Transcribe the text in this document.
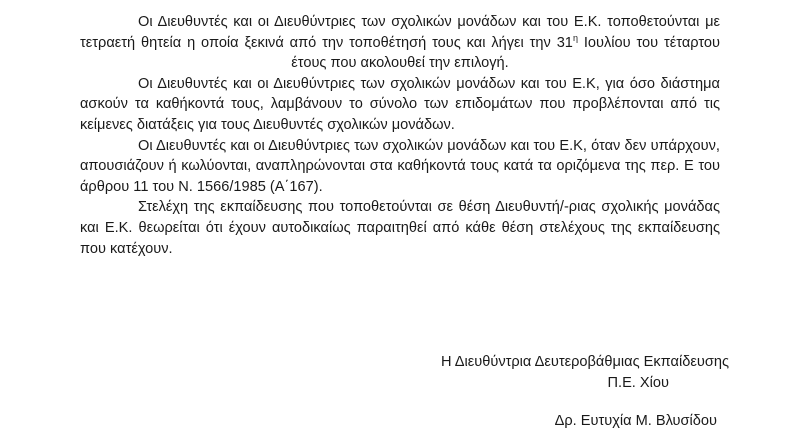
Οι Διευθυντές και οι Διευθύντριες των σχολικών μονάδων και του Ε.Κ. τοποθετούνται με τετραετή θητεία η οποία ξεκινά από την τοποθέτησή τους και λήγει την $31^\eta$ Ιουλίου του τέταρτου έτους που ακολουθεί την επιλογή.

Οι Διευθυντές και οι Διευθύντριες των σχολικών μονάδων και του Ε.Κ, για όσο διάστημα ασκούν τα καθήκοντά τους, λαμβάνουν το σύνολο των επιδομάτων που προβλέπονται από τις κείμενες διατάξεις για τους Διευθυντές σχολικών μονάδων.

Οι Διευθυντές και οι Διευθύντριες των σχολικών μονάδων και του Ε.Κ, όταν δεν υπάρχουν, απουσιάζουν ή κωλύονται, αναπληρώνονται στα καθήκοντά τους κατά τα οριζόμενα της περ. Ε του άρθρου 11 του Ν. 1566/1985 (Α΄167).

Στελέχη της εκπαίδευσης που τοποθετούνται σε θέση Διευθυντή/-ριας σχολικής μονάδας και Ε.Κ. θεωρείται ότι έχουν αυτοδικαίως παραιτηθεί από κάθε θέση στελέχους της εκπαίδευσης που κατέχουν.

Η Διευθύντρια Δευτεροβάθμιας Εκπαίδευσης
Π.Ε. Χίου
Δρ. Ευτυχία Μ. Βλυσίδου
